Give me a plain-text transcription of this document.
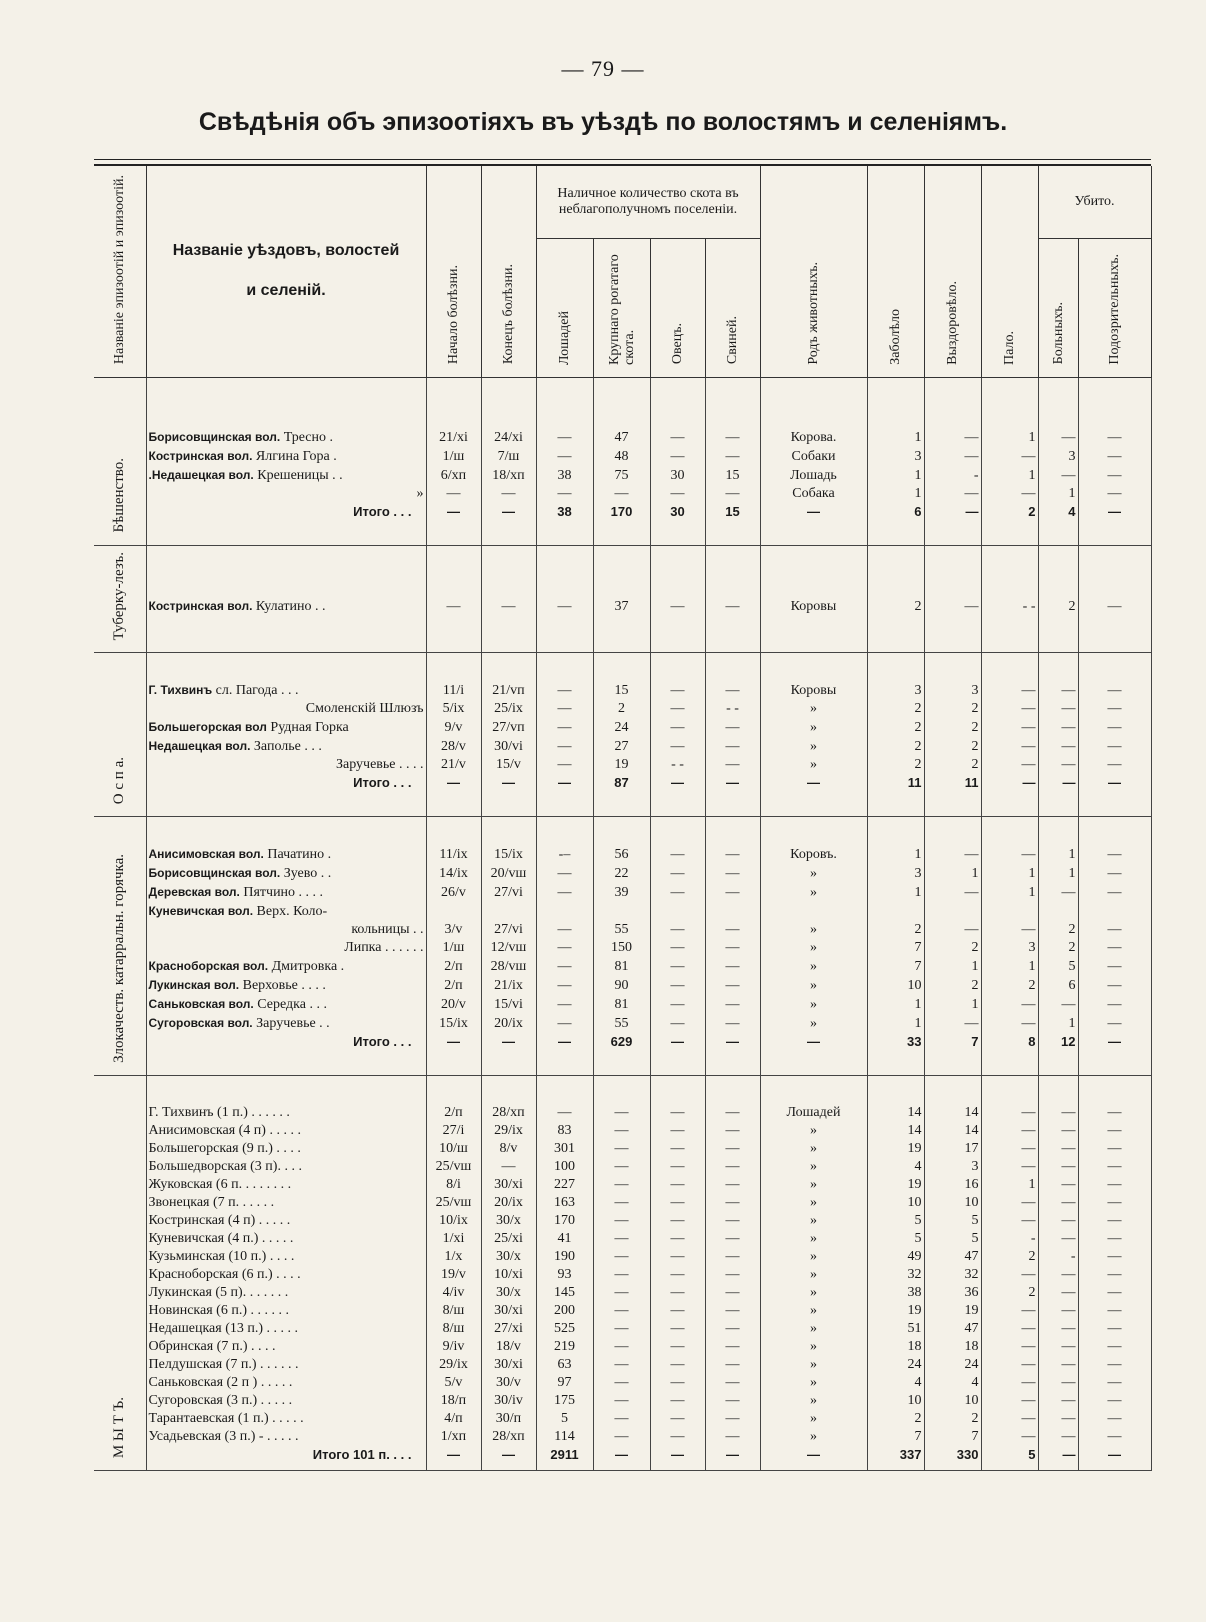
— 79 —
Свѣдѣнія объ эпизоотіяхъ въ уѣздѣ по волостямъ и селеніямъ.
Названіе эпизоотій и эпизоотій.	Названіе уѣздовъ, волостей
и селеній.	Начало болѣзни.	Конецъ болѣзни.	Наличное количество скота въ неблагополучномъ поселеніи.				Родъ животныхъ.	Заболѣло	Выздоровѣло.	Пало.	Убито.	

				Лошадей	Крупнаго рогатаго скота.	Овецъ.	Свиней.					Больныхъ.	Подозрительныхъ.
Бѣшенство.													
	Борисовщинская вол. Тресно .	21/xi	24/xi	—	47	—	—	Корова.	1	—	1	—	—
	Костринская вол. Ялгина Гора .	1/ш	7/ш	—	48	—	—	Собаки	3	—	—	3	—
	.Недашецкая вол. Крешеницы . .	6/хп	18/хп	38	75	30	15	Лошадь	1	-	1	—	—
	»	—	—	—	—	—	—	Собака	1	—	—	1	—
	Итого . . .	—	—	38	170	30	15	—	6	—	2	4	—

Туберку-лезъ.													
	Костринская вол. Кулатино . .	—	—	—	37	—	—	Коровы	2	—	- -	2	—

О с п а.													
	Г. Тихвинъ сл. Пагода . . .	11/i	21/vп	—	15	—	—	Коровы	3	3	—	—	—
	Смоленскій Шлюзъ	5/ix	25/ix	—	2	—	- -	»	2	2	—	—	—
	Большегорская вол Рудная Горка	9/v	27/vп	—	24	—	—	»	2	2	—	—	—
	Недашецкая вол. Заполье . . .	28/v	30/vi	—	27	—	—	»	2	2	—	—	—
	Заручевье . . . .	21/v	15/v	—	19	- -	—	»	2	2	—	—	—
	Итого . . .	—	—	—	87	—	—	—	11	11	—	—	—

Злокачеств. катарральн. горячка.													
	Анисимовская вол. Пачатино .	11/ix	15/ix	-–	56	—	—	Коровъ.	1	—	—	1	—
	Борисовщинская вол. Зуево . .	14/ix	20/vш	—	22	—	—	»	3	1	1	1	—
	Деревская вол. Пятчино . . . .	26/v	27/vi	—	39	—	—	»	1	—	1	—	—
	Куневичская вол. Верх. Коло-												
	кольницы . .	3/v	27/vi	—	55	—	—	»	2	—	—	2	—
	Липка . . . . . .	1/ш	12/vш	—	150	—	—	»	7	2	3	2	—
	Красноборская вол. Дмитровка .	2/п	28/vш	—	81	—	—	»	7	1	1	5	—
	Лукинская вол. Верховье . . . .	2/п	21/ix	—	90	—	—	»	10	2	2	6	—
	Саньковская вол. Середка . . .	20/v	15/vi	—	81	—	—	»	1	1	—	—	—
	Сугоровская вол. Заручевье . .	15/ix	20/ix	—	55	—	—	»	1	—	—	1	—
	Итого . . .	—	—	—	629	—	—	—	33	7	8	12	—

М Ы Т Ъ.													
	Г. Тихвинъ (1 п.) . . . . . .	2/п	28/хп	—	—	—	—	Лошадей	14	14	—	—	—
	Анисимовская (4 п) . . . . .	27/i	29/ix	83	—	—	—	»	14	14	—	—	—
	Большегорская (9 п.) . . . .	10/ш	8/v	301	—	—	—	»	19	17	—	—	—
	Большедворская (3 п). . . .	25/vш	—	100	—	—	—	»	4	3	—	—	—
	Жуковская (6 п. . . . . . . .	8/i	30/xi	227	—	—	—	»	19	16	1	—	—
	Звонецкая (7 п. . . . . .	25/vш	20/ix	163	—	—	—	»	10	10	—	—	—
	Костринская (4 п) . . . . .	10/ix	30/x	170	—	—	—	»	5	5	—	—	—
	Куневичская (4 п.) . . . . .	1/xi	25/xi	41	—	—	—	»	5	5	-	—	—
	Кузьминская (10 п.) . . . .	1/x	30/x	190	—	—	—	»	49	47	2	-	—
	Красноборская (6 п.) . . . .	19/v	10/xi	93	—	—	—	»	32	32	—	—	—
	Лукинская (5 п). . . . . . .	4/iv	30/x	145	—	—	—	»	38	36	2	—	—
	Новинская (6 п.) . . . . . .	8/ш	30/xi	200	—	—	—	»	19	19	—	—	—
	Недашецкая (13 п.) . . . . .	8/ш	27/xi	525	—	—	—	»	51	47	—	—	—
	Обринская (7 п.) . . . .	9/iv	18/v	219	—	—	—	»	18	18	—	—	—
	Пелдушская (7 п.) . . . . . .	29/ix	30/xi	63	—	—	—	»	24	24	—	—	—
	Саньковская (2 п ) . . . . .	5/v	30/v	97	—	—	—	»	4	4	—	—	—
	Сугоровская (3 п.) . . . . .	18/п	30/iv	175	—	—	—	»	10	10	—	—	—
	Тарантаевская (1 п.) . . . . .	4/п	30/п	5	—	—	—	»	2	2	—	—	—
	Усадьевская (3 п.) - . . . . .	1/хп	28/хп	114	—	—	—	»	7	7	—	—	—
	Итого 101 п. . . .	—	—	2911	—	—	—	—	337	330	5	—	—
